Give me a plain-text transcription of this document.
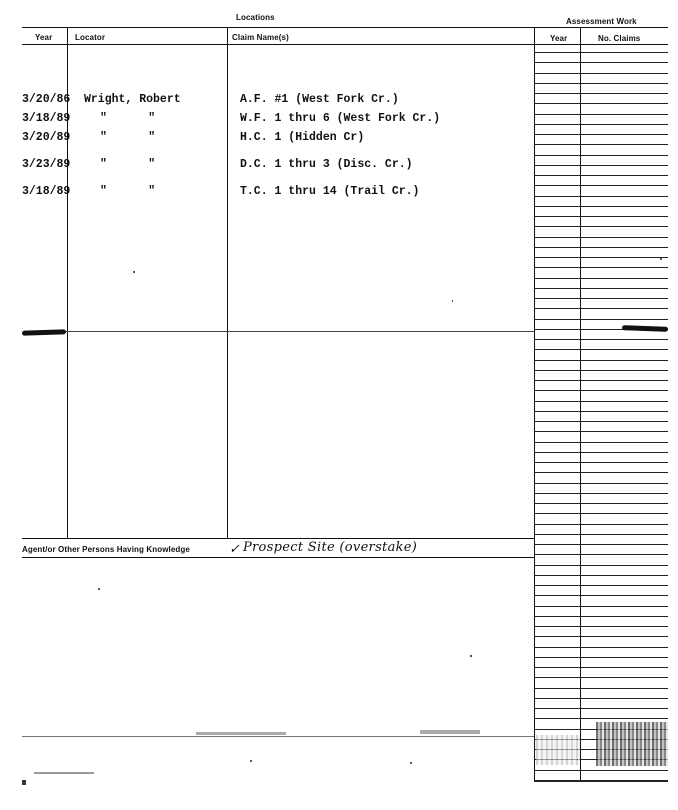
Locations	Assessment Work
Year	Locator	Claim Name(s)	Year	No. Claims
3/20/86 Wright, Robert	A.F. #1 (West Fork Cr.)
3/18/89	"      "	W.F. 1 thru 6 (West Fork Cr.)
3/20/89	"      "	H.C. 1 (Hidden Cr)
3/23/89	"      "	D.C. 1 thru 3 (Disc. Cr.)
3/18/89	"      "	T.C. 1 thru 14 (Trail Cr.)
Agent/or Other Persons Having Knowledge	✓ Prospect Site (overstake)
